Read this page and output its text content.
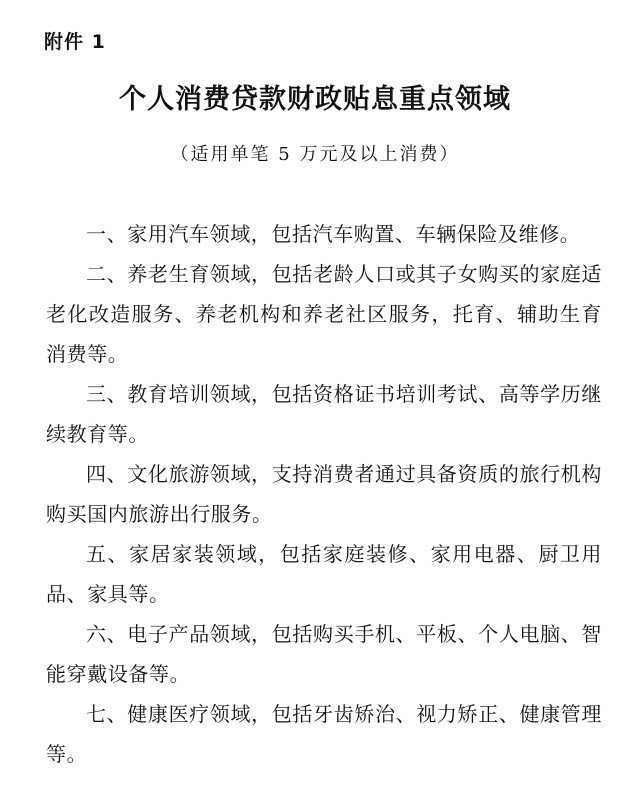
附件 1
个人消费贷款财政贴息重点领域
（适用单笔 5 万元及以上消费）

一、家用汽车领域，包括汽车购置、车辆保险及维修。

二、养老生育领域，包括老龄人口或其子女购买的家庭适老化改造服务、养老机构和养老社区服务，托育、辅助生育消费等。

三、教育培训领域，包括资格证书培训考试、高等学历继续教育等。

四、文化旅游领域，支持消费者通过具备资质的旅行机构购买国内旅游出行服务。

五、家居家装领域，包括家庭装修、家用电器、厨卫用品、家具等。

六、电子产品领域，包括购买手机、平板、个人电脑、智能穿戴设备等。

七、健康医疗领域，包括牙齿矫治、视力矫正、健康管理等。
